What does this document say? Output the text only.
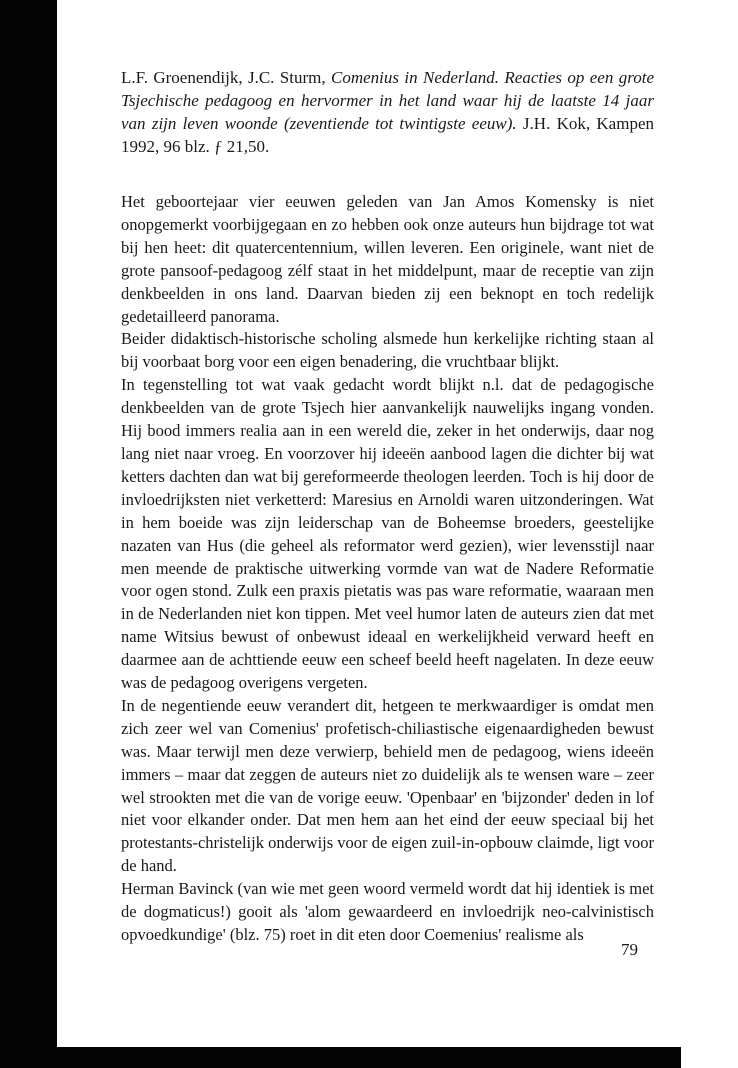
L.F. Groenendijk, J.C. Sturm, Comenius in Nederland. Reacties op een grote Tsjechische pedagoog en hervormer in het land waar hij de laatste 14 jaar van zijn leven woonde (zeventiende tot twintigste eeuw). J.H. Kok, Kampen 1992, 96 blz. ƒ 21,50.

Het geboortejaar vier eeuwen geleden van Jan Amos Komensky is niet onopgemerkt voorbijgegaan en zo hebben ook onze auteurs hun bijdrage tot wat bij hen heet: dit quatercentennium, willen leveren. Een originele, want niet de grote pansoof-pedagoog zélf staat in het middelpunt, maar de receptie van zijn denkbeelden in ons land. Daarvan bieden zij een beknopt en toch redelijk gedetailleerd panorama.

Beider didaktisch-historische scholing alsmede hun kerkelijke richting staan al bij voorbaat borg voor een eigen benadering, die vruchtbaar blijkt.

In tegenstelling tot wat vaak gedacht wordt blijkt n.l. dat de pedagogische denkbeelden van de grote Tsjech hier aanvankelijk nauwelijks ingang vonden. Hij bood immers realia aan in een wereld die, zeker in het onderwijs, daar nog lang niet naar vroeg. En voorzover hij ideeën aanbood lagen die dichter bij wat ketters dachten dan wat bij gereformeerde theologen leerden. Toch is hij door de invloedrijksten niet verketterd: Maresius en Arnoldi waren uitzonderingen. Wat in hem boeide was zijn leiderschap van de Boheemse broeders, geestelijke nazaten van Hus (die geheel als reformator werd gezien), wier levensstijl naar men meende de praktische uitwerking vormde van wat de Nadere Reformatie voor ogen stond. Zulk een praxis pietatis was pas ware reformatie, waaraan men in de Nederlanden niet kon tippen. Met veel humor laten de auteurs zien dat met name Witsius bewust of onbewust ideaal en werkelijkheid verward heeft en daarmee aan de achttiende eeuw een scheef beeld heeft nagelaten. In deze eeuw was de pedagoog overigens vergeten.

In de negentiende eeuw verandert dit, hetgeen te merkwaardiger is omdat men zich zeer wel van Comenius' profetisch-chiliastische eigenaardigheden bewust was. Maar terwijl men deze verwierp, behield men de pedagoog, wiens ideeën immers – maar dat zeggen de auteurs niet zo duidelijk als te wensen ware – zeer wel strookten met die van de vorige eeuw. 'Openbaar' en 'bijzonder' deden in lof niet voor elkander onder. Dat men hem aan het eind der eeuw speciaal bij het protestants-christelijk onderwijs voor de eigen zuil-in-opbouw claimde, ligt voor de hand.

Herman Bavinck (van wie met geen woord vermeld wordt dat hij identiek is met de dogmaticus!) gooit als 'alom gewaardeerd en invloedrijk neo-calvinistisch opvoedkundige' (blz. 75) roet in dit eten door Coemenius' realisme als

79
